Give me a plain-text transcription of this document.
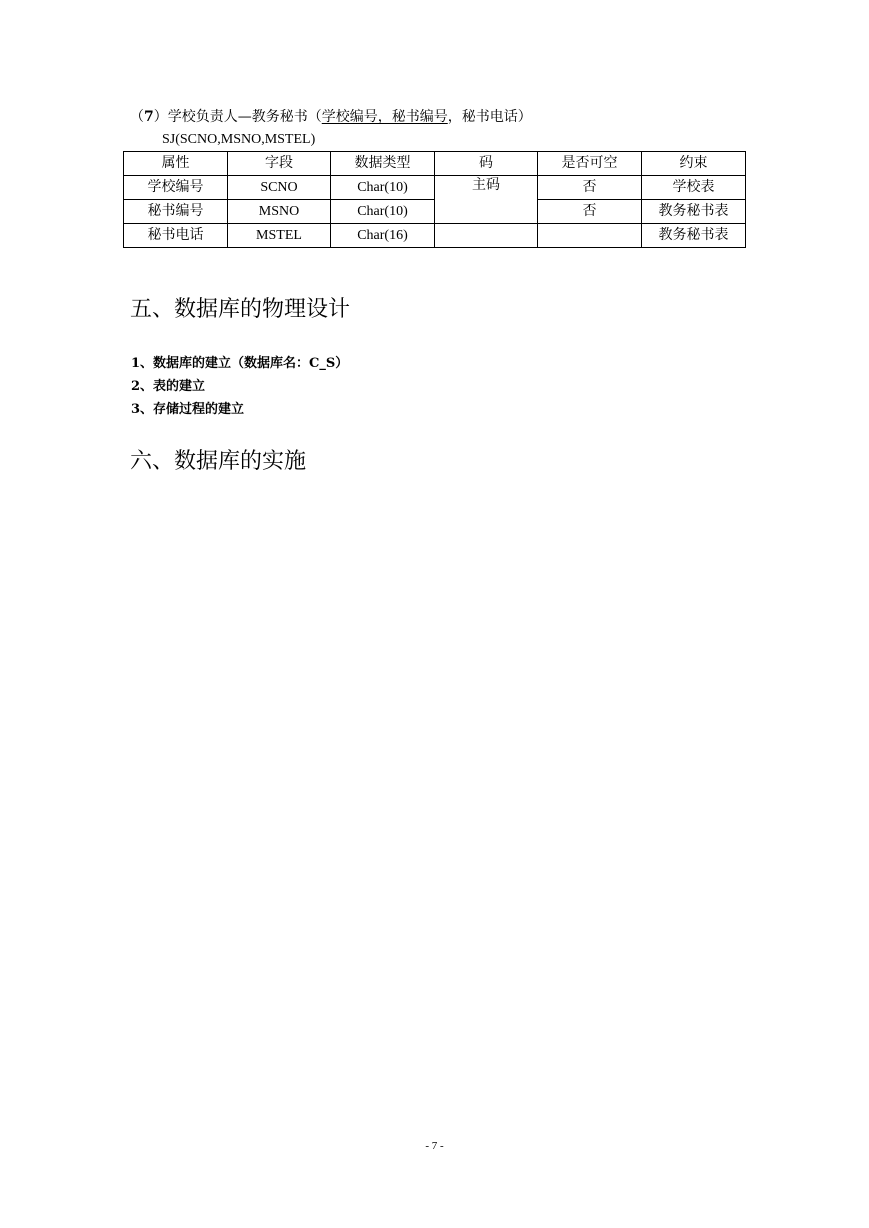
（7）学校负责人—教务秘书（学校编号，秘书编号，秘书电话）
SJ(SCNO,MSNO,MSTEL)
属性	字段	数据类型	码	是否可空	约束
学校编号	SCNO	Char(10)	主码	否	学校表
秘书编号	MSNO	Char(10)		否	教务秘书表
秘书电话	MSTEL	Char(16)			教务秘书表
五、数据库的物理设计
1、数据库的建立（数据库名：C_S）
2、表的建立
3、存储过程的建立
六、数据库的实施
- 7 -
